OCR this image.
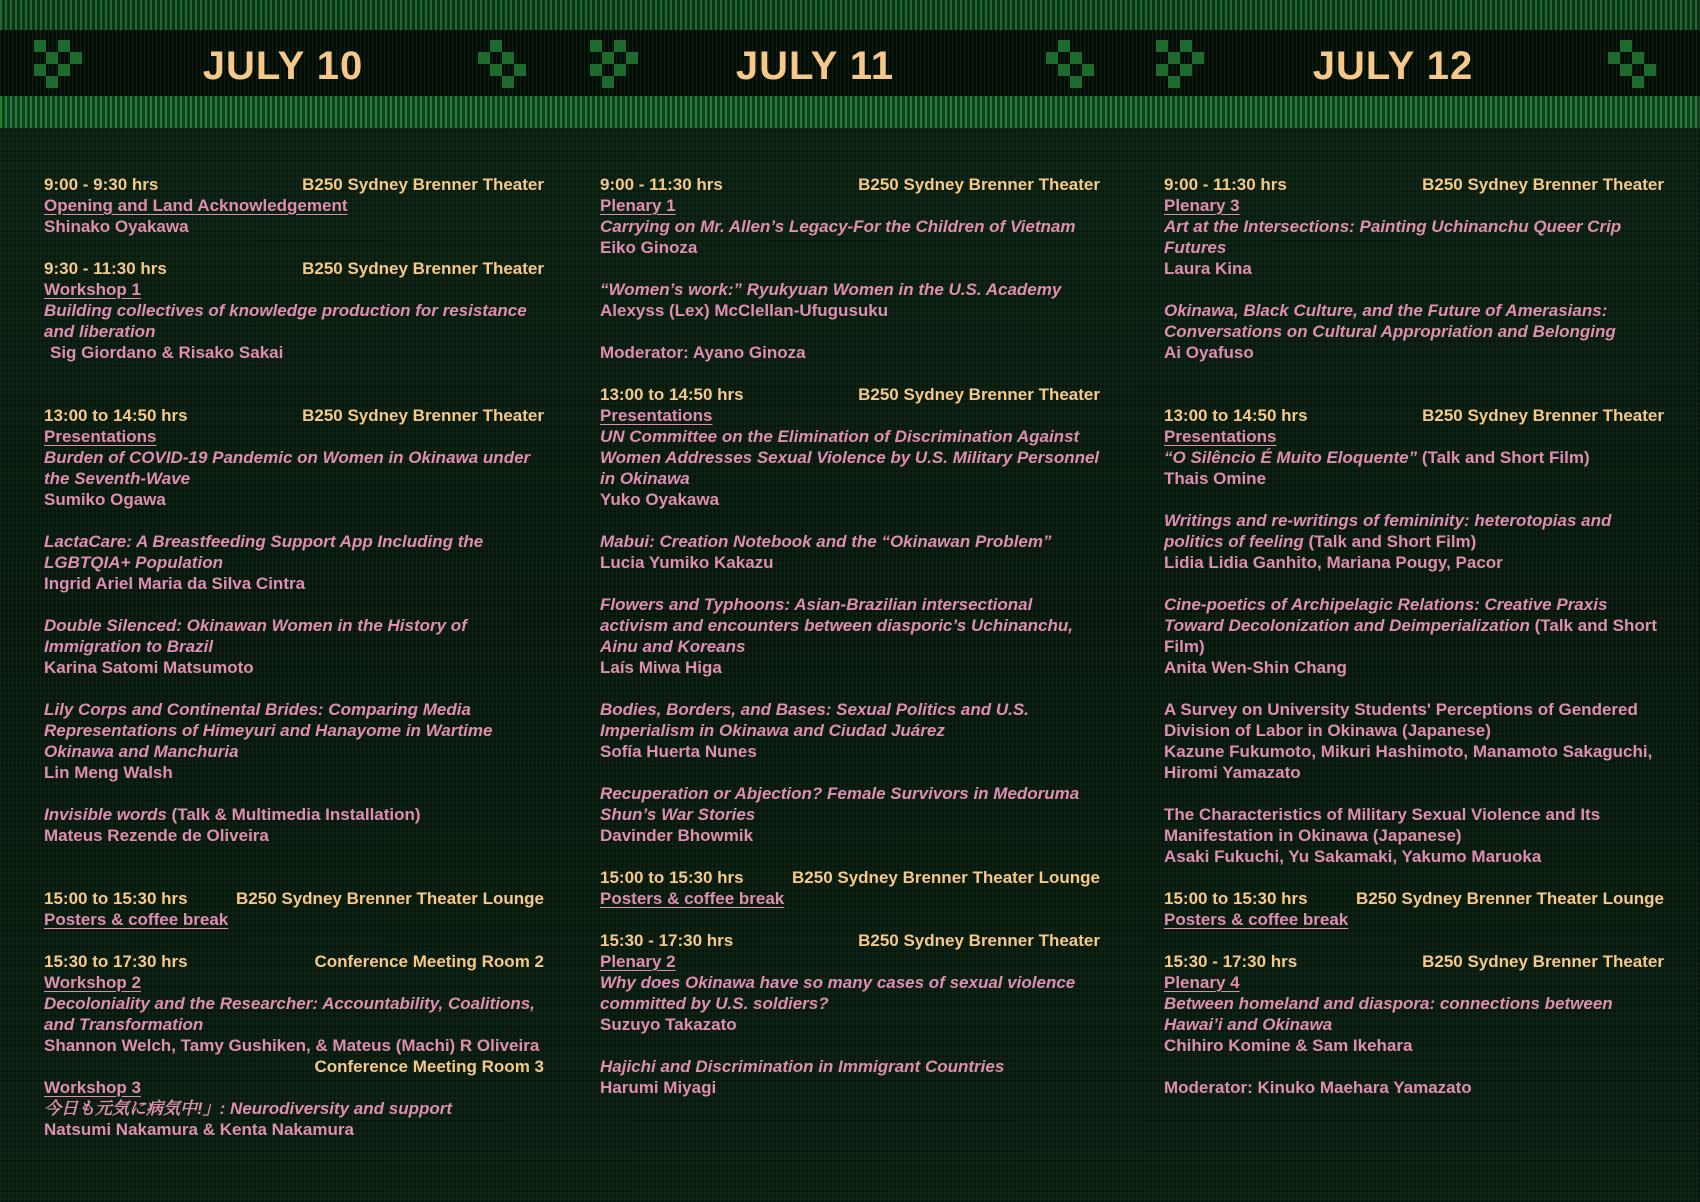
JULY 10	JULY 11	JULY 12
9:00 - 9:30 hrs	B250 Sydney Brenner Theater
Opening and Land Acknowledgement
Shinako Oyakawa
9:30 - 11:30 hrs	B250 Sydney Brenner Theater
Workshop 1
Building collectives of knowledge production for resistance and liberation
Sig Giordano & Risako Sakai
13:00 to 14:50 hrs	B250 Sydney Brenner Theater
Presentations
Burden of COVID-19 Pandemic on Women in Okinawa under the Seventh-Wave
Sumiko Ogawa
LactaCare: A Breastfeeding Support App Including the LGBTQIA+ Population
Ingrid Ariel Maria da Silva Cintra
Double Silenced: Okinawan Women in the History of Immigration to Brazil
Karina Satomi Matsumoto
Lily Corps and Continental Brides: Comparing Media Representations of Himeyuri and Hanayome in Wartime Okinawa and Manchuria
Lin Meng Walsh
Invisible words (Talk & Multimedia Installation)
Mateus Rezende de Oliveira
15:00 to 15:30 hrs	B250 Sydney Brenner Theater Lounge
Posters & coffee break
15:30 to 17:30 hrs	Conference Meeting Room 2
Workshop 2
Decoloniality and the Researcher: Accountability, Coalitions, and Transformation
Shannon Welch, Tamy Gushiken, & Mateus (Machi) R Oliveira
Conference Meeting Room 3
Workshop 3
今日も元気に病気中!」: Neurodiversity and support
Natsumi Nakamura & Kenta Nakamura
9:00 - 11:30 hrs	B250 Sydney Brenner Theater
Plenary 1
Carrying on Mr. Allen’s Legacy-For the Children of Vietnam
Eiko Ginoza
“Women’s work:” Ryukyuan Women in the U.S. Academy
Alexyss (Lex) McClellan-Ufugusuku
Moderator: Ayano Ginoza
13:00 to 14:50 hrs	B250 Sydney Brenner Theater
Presentations
UN Committee on the Elimination of Discrimination Against Women Addresses Sexual Violence by U.S. Military Personnel in Okinawa
Yuko Oyakawa
Mabui: Creation Notebook and the “Okinawan Problem”
Lucia Yumiko Kakazu
Flowers and Typhoons: Asian-Brazilian intersectional activism and encounters between diasporic’s Uchinanchu, Ainu and Koreans
Laís Miwa Higa
Bodies, Borders, and Bases: Sexual Politics and U.S. Imperialism in Okinawa and Ciudad Juárez
Sofía Huerta Nunes
Recuperation or Abjection? Female Survivors in Medoruma Shun’s War Stories
Davinder Bhowmik
15:00 to 15:30 hrs	B250 Sydney Brenner Theater Lounge
Posters & coffee break
15:30 - 17:30 hrs	B250 Sydney Brenner Theater
Plenary 2
Why does Okinawa have so many cases of sexual violence committed by U.S. soldiers?
Suzuyo Takazato
Hajichi and Discrimination in Immigrant Countries
Harumi Miyagi
9:00 - 11:30 hrs	B250 Sydney Brenner Theater
Plenary 3
Art at the Intersections: Painting Uchinanchu Queer Crip Futures
Laura Kina
Okinawa, Black Culture, and the Future of Amerasians: Conversations on Cultural Appropriation and Belonging
Ai Oyafuso
13:00 to 14:50 hrs	B250 Sydney Brenner Theater
Presentations
“O Silêncio É Muito Eloquente” (Talk and Short Film)
Thais Omine
Writings and re-writings of femininity: heterotopias and politics of feeling (Talk and Short Film)
Lidia Lidia Ganhito, Mariana Pougy, Pacor
Cine-poetics of Archipelagic Relations: Creative Praxis Toward Decolonization and Deimperialization (Talk and Short Film)
Anita Wen-Shin Chang
A Survey on University Students' Perceptions of Gendered Division of Labor in Okinawa (Japanese)
Kazune Fukumoto, Mikuri Hashimoto, Manamoto Sakaguchi, Hiromi Yamazato
The Characteristics of Military Sexual Violence and Its Manifestation in Okinawa (Japanese)
Asaki Fukuchi, Yu Sakamaki, Yakumo Maruoka
15:00 to 15:30 hrs	B250 Sydney Brenner Theater Lounge
Posters & coffee break
15:30 - 17:30 hrs	B250 Sydney Brenner Theater
Plenary 4
Between homeland and diaspora: connections between Hawai’i and Okinawa
Chihiro Komine & Sam Ikehara
Moderator: Kinuko Maehara Yamazato
